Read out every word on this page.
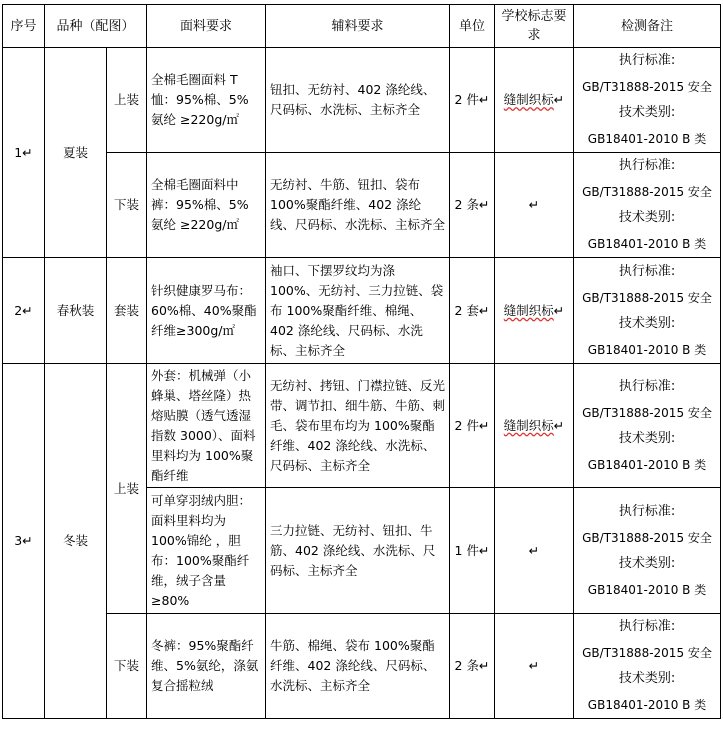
序号	品种（配图）		面料要求	辅料要求	单位	学校标志要求	检测备注
1↵	夏装	上装	全棉毛圈面料 T 恤：95%棉、5%氨纶 ≥220g/㎡	钮扣、无纺衬、402 涤纶线、尺码标、水洗标、主标齐全	2 件↵	缝制织标↵	执行标准:
GB/T31888-2015 安全
技术类别:
GB18401-2010 B 类

		下装	全棉毛圈面料中裤：95%棉、5%氨纶 ≥220g/㎡	无纺衬、牛筋、钮扣、袋布 100%聚酯纤维、402 涤纶线、尺码标、水洗标、主标齐全	2 条↵	↵	执行标准:
GB/T31888-2015 安全
技术类别:
GB18401-2010 B 类

2↵	春秋装	套装	针织健康罗马布：60%棉、40%聚酯纤维≥300g/㎡	袖口、下摆罗纹均为涤 100%、无纺衬、三力拉链、袋布 100%聚酯纤维、棉绳、402 涤纶线、尺码标、水洗标、主标齐全	2 套↵	缝制织标↵	执行标准:
GB/T31888-2015 安全
技术类别:
GB18401-2010 B 类

3↵	冬装	上装	外套：机械弹（小蜂巢、塔丝隆）热熔贴膜（透气透湿指数 3000）、面料里料均为 100%聚酯纤维	无纺衬、拷钮、门襟拉链、反光带、调节扣、细牛筋、牛筋、刺毛、袋布里布均为 100%聚酯纤维、402 涤纶线、水洗标、尺码标、主标齐全	2 件↵	缝制织标↵	执行标准:
GB/T31888-2015 安全
技术类别:
GB18401-2010 B 类

			可单穿羽绒内胆：面料里料均为 100%锦纶 ，胆布：100%聚酯纤维，绒子含量≥80%	三力拉链、无纺衬、钮扣、牛筋、402 涤纶线、水洗标、尺码标、主标齐全	1 件↵	↵	执行标准:
GB/T31888-2015 安全
技术类别:
GB18401-2010 B 类

		下装	冬裤：95%聚酯纤维、5%氨纶，涤氨复合摇粒绒	牛筋、棉绳、袋布 100%聚酯纤维、402 涤纶线、尺码标、水洗标、主标齐全	2 条↵	↵	执行标准:
GB/T31888-2015 安全
技术类别:
GB18401-2010 B 类
